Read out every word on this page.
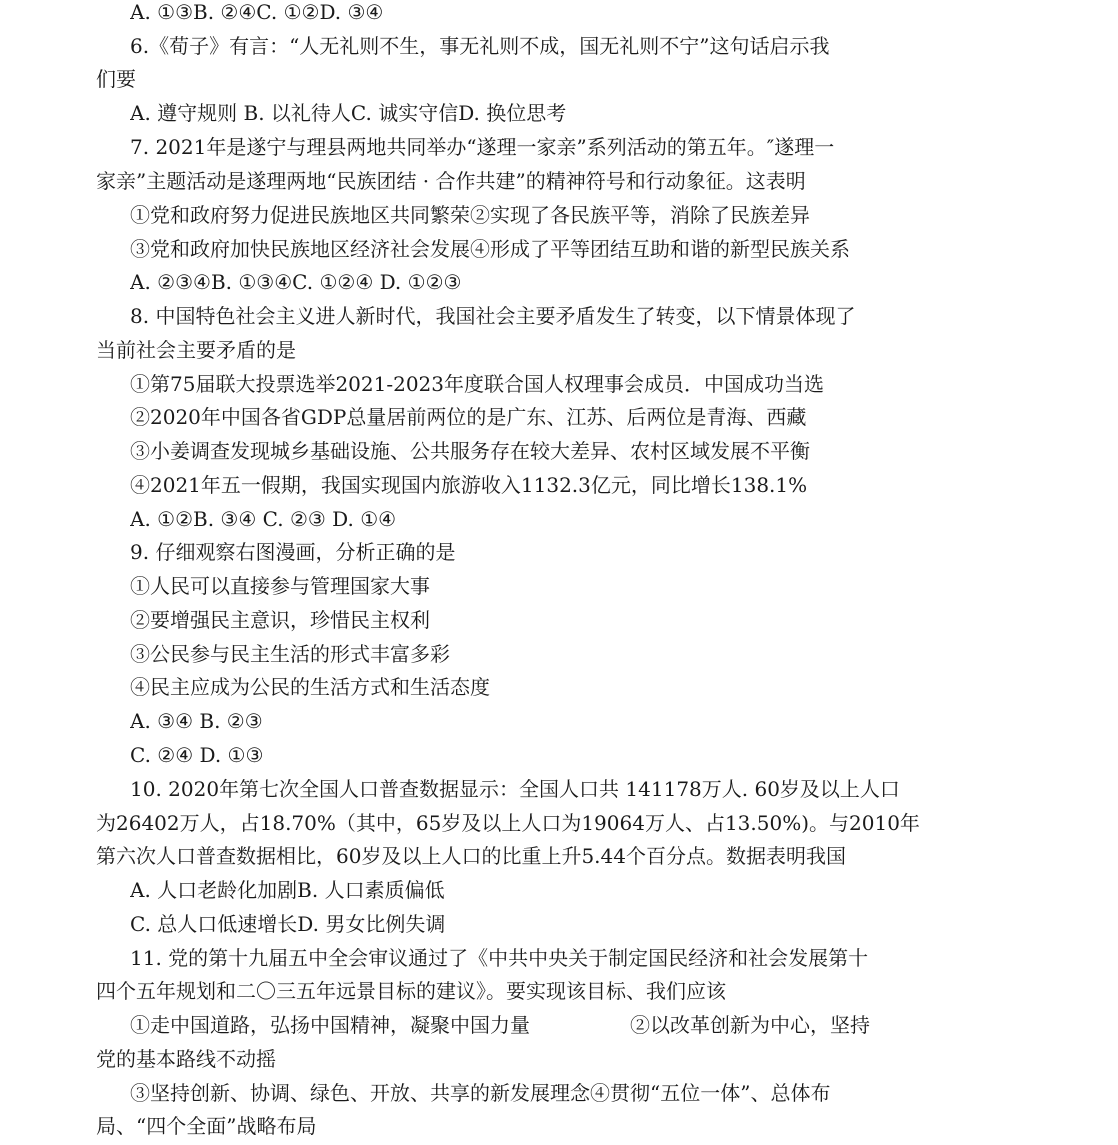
A. ①③B. ②④C. ①②D. ③④
6.《荀子》有言：“人无礼则不生，事无礼则不成，国无礼则不宁”这句话启示我
们要
A. 遵守规则 B. 以礼待人C. 诚实守信D. 换位思考
7. 2021年是遂宁与理县两地共同举办“遂理一家亲”系列活动的第五年。″遂理一
家亲”主题活动是遂理两地“民族团结 · 合作共建”的精神符号和行动象征。这表明
①党和政府努力促进民族地区共同繁荣②实现了各民族平等，消除了民族差异
③党和政府加快民族地区经济社会发展④形成了平等团结互助和谐的新型民族关系
A. ②③④B. ①③④C. ①②④ D. ①②③
8. 中国特色社会主义进人新时代，我国社会主要矛盾发生了转变，以下情景体现了
当前社会主要矛盾的是
①第75届联大投票选举2021-2023年度联合国人权理事会成员．中国成功当选
②2020年中国各省GDP总量居前两位的是广东、江苏、后两位是青海、西藏
③小姜调查发现城乡基础设施、公共服务存在较大差异、农村区域发展不平衡
④2021年五一假期，我国实现国内旅游收入1132.3亿元，同比增长138.1%
A. ①②B. ③④ C. ②③ D. ①④
9. 仔细观察右图漫画，分析正确的是
①人民可以直接参与管理国家大事
②要增强民主意识，珍惜民主权利
③公民参与民主生活的形式丰富多彩
④民主应成为公民的生活方式和生活态度
A. ③④ B. ②③
C. ②④ D. ①③
10. 2020年第七次全国人口普查数据显示：全国人口共 141178万人. 60岁及以上人口
为26402万人，占18.70%（其中，65岁及以上人口为19064万人、占13.50%)。与2010年
第六次人口普查数据相比，60岁及以上人口的比重上升5.44个百分点。数据表明我国
A. 人口老龄化加剧B. 人口素质偏低
C. 总人口低速增长D. 男女比例失调
11. 党的第十九届五中全会审议通过了《中共中央关于制定国民经济和社会发展第十
四个五年规划和二〇三五年远景目标的建议》。要实现该目标、我们应该
①走中国道路，弘扬中国精神，凝聚中国力量	②以改革创新为中心，坚持
党的基本路线不动摇
③坚持创新、协调、绿色、开放、共享的新发展理念④贯彻“五位一体”、总体布
局、“四个全面”战略布局
